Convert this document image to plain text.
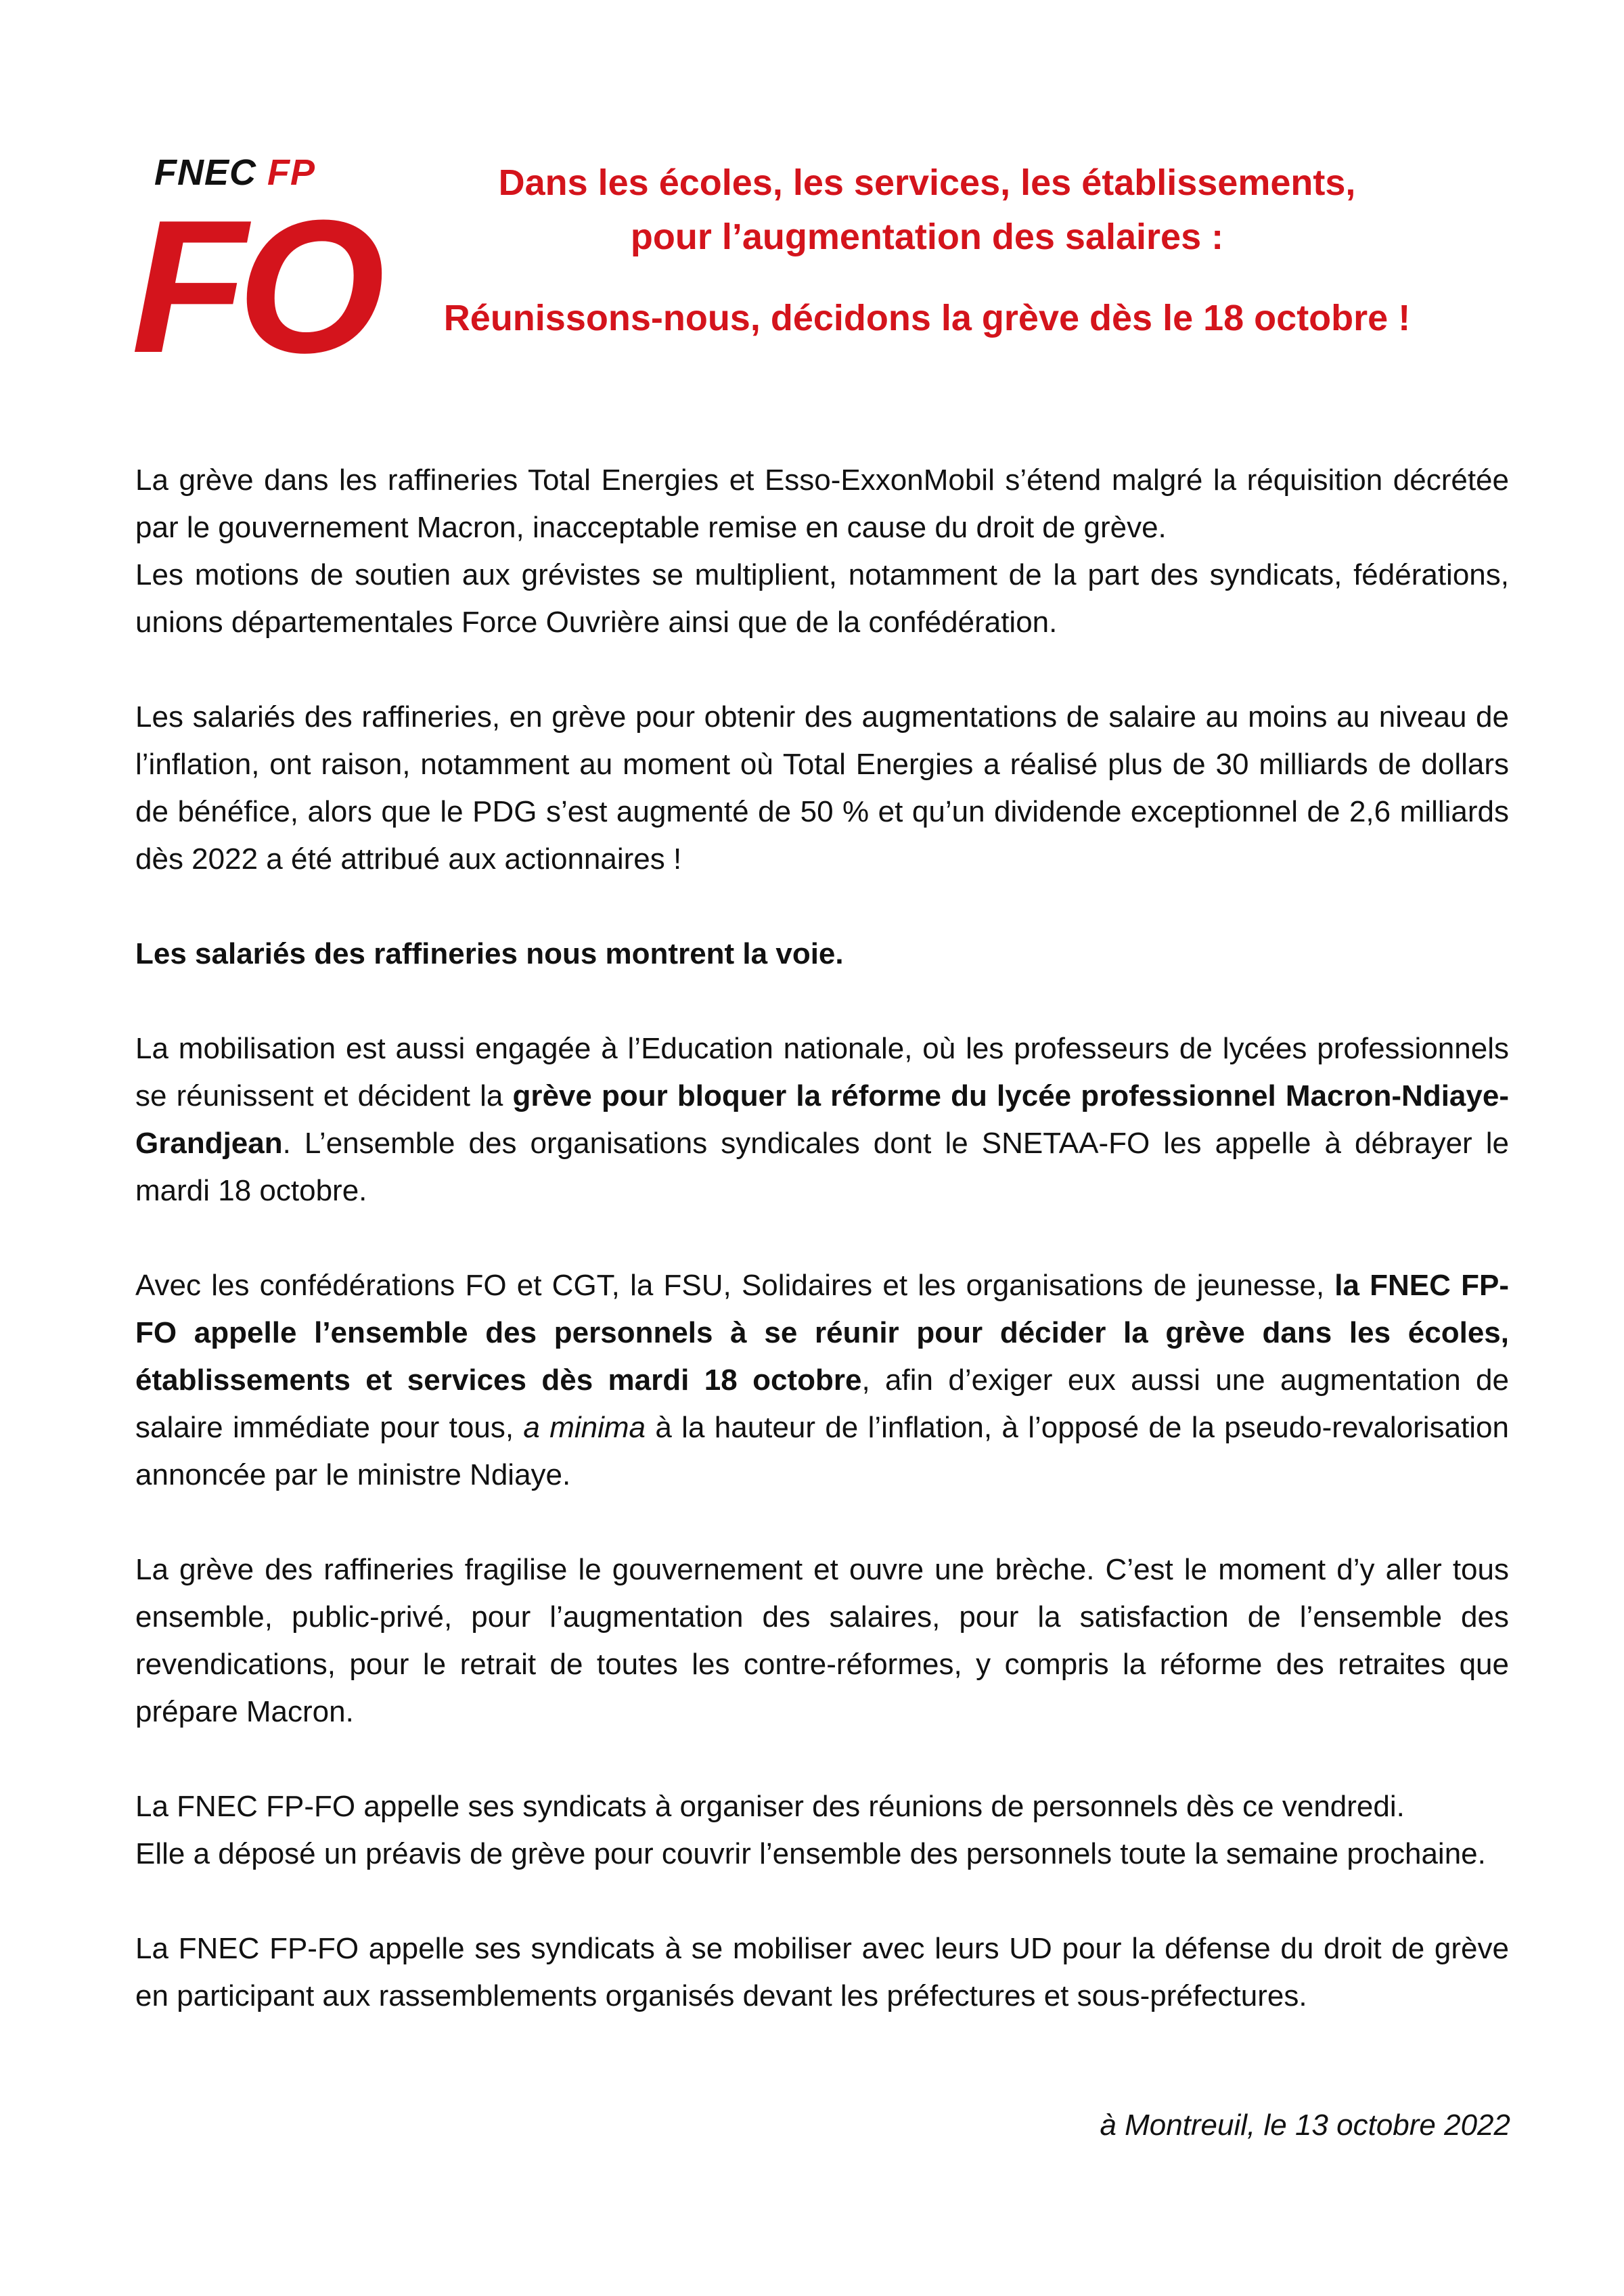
FNEC FP
FO	Dans les écoles, les services, les établissements,
pour l’augmentation des salaires :
Réunissons-nous, décidons la grève dès le 18 octobre !

La grève dans les raffineries Total Energies et Esso-ExxonMobil s’étend malgré la réquisition décrétée par le gouvernement Macron, inacceptable remise en cause du droit de grève.
Les motions de soutien aux grévistes se multiplient, notamment de la part des syndicats, fédérations, unions départementales Force Ouvrière ainsi que de la confédération.

Les salariés des raffineries, en grève pour obtenir des augmentations de salaire au moins au niveau de l’inflation, ont raison, notamment au moment où Total Energies a réalisé plus de 30 milliards de dollars de bénéfice, alors que le PDG s’est augmenté de 50 % et qu’un dividende exceptionnel de 2,6 milliards dès 2022 a été attribué aux actionnaires !

Les salariés des raffineries nous montrent la voie.

La mobilisation est aussi engagée à l’Education nationale, où les professeurs de lycées professionnels se réunissent et décident la grève pour bloquer la réforme du lycée professionnel Macron-Ndiaye-Grandjean. L’ensemble des organisations syndicales dont le SNETAA-FO les appelle à débrayer le mardi 18 octobre.

Avec les confédérations FO et CGT, la FSU, Solidaires et les organisations de jeunesse, la FNEC FP-FO appelle l’ensemble des personnels à se réunir pour décider la grève dans les écoles, établissements et services dès mardi 18 octobre, afin d’exiger eux aussi une augmentation de salaire immédiate pour tous, a minima à la hauteur de l’inflation, à l’opposé de la pseudo-revalorisation annoncée par le ministre Ndiaye.

La grève des raffineries fragilise le gouvernement et ouvre une brèche. C’est le moment d’y aller tous ensemble, public-privé, pour l’augmentation des salaires, pour la satisfaction de l’ensemble des revendications, pour le retrait de toutes les contre-réformes, y compris la réforme des retraites que prépare Macron.

La FNEC FP-FO appelle ses syndicats à organiser des réunions de personnels dès ce vendredi.
Elle a déposé un préavis de grève pour couvrir l’ensemble des personnels toute la semaine prochaine.

La FNEC FP-FO appelle ses syndicats à se mobiliser avec leurs UD pour la défense du droit de grève en participant aux rassemblements organisés devant les préfectures et sous-préfectures.

à Montreuil, le 13 octobre 2022
